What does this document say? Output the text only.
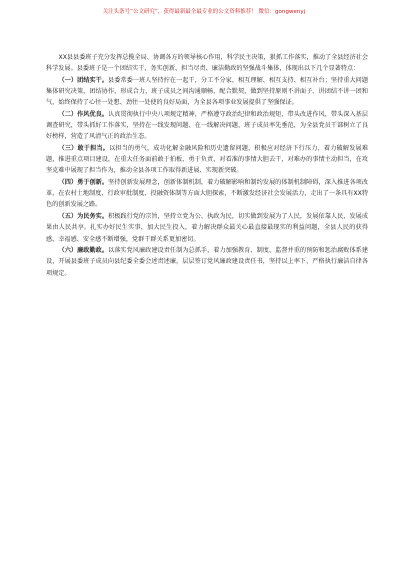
关注头条号“公文研究”，获得最新最全最专业的公文资料推荐！ 微信：gongwenyj

XX县县委班子充分发挥总揽全局、协调各方的领导核心作用，科学民主决策，狠抓工作落实，推动了全县经济社会科学发展。县委班子是一个团结实干、务实创新、担当尽责、廉洁勤政的坚强战斗集体，体现出以下几个显著特点：

（一）团结实干。县委常委一班人坚持拧在一起干，分工不分家，相互理解、相互支持、相互补台；坚持重大问题集体研究决策，团结协作，形成合力，班子成员之间沟通顺畅、配合默契，做到坚持原则不讲面子、讲团结不讲一团和气，始终保持了心往一处想、劲往一处使的良好局面，为全县各项事业发展提供了坚强保证。

（二）作风优良。认真贯彻执行中央八项规定精神，严格遵守政治纪律和政治规矩，带头改进作风，带头深入基层调查研究，带头抓好工作落实，坚持在一线发现问题、在一线解决问题，班子成员率先垂范，为全县党员干部树立了良好榜样，营造了风清气正的政治生态。

（三）敢于担当。以担当的勇气，成功化解金融风险和历史遗留问题，积极应对经济下行压力，着力破解发展难题，推进重点项目建设，在重大任务面前敢于拍板、勇于负责，对看准的事情大胆去干，对难办的事情主动担当，在攻坚克难中展现了担当作为，推动全县各项工作取得新进展、实现新突破。

（四）勇于创新。坚持创新发展理念，创新体制机制，着力破解影响和制约发展的体制机制障碍，深入推进各项改革，在农村土地制度、行政审批制度、投融资体制等方面大胆探索，不断激发经济社会发展活力，走出了一条具有XX特色的创新发展之路。

（五）为民务实。积极践行党的宗旨，坚持立党为公、执政为民，切实做到发展为了人民，发展依靠人民，发展成果由人民共享。扎实办好民生实事，加大民生投入，着力解决群众最关心最直接最现实的利益问题，全县人民的获得感、幸福感、安全感不断增强，党群干群关系更加密切。

（六）廉政勤政。以落实党风廉政建设责任制为总抓手，着力加强教育、制度、监督并重的预防和惩治腐败体系建设，开展县委班子成员向县纪委全委会述责述廉，层层签订党风廉政建设责任书，坚持以上率下，严格执行廉洁自律各项规定。
